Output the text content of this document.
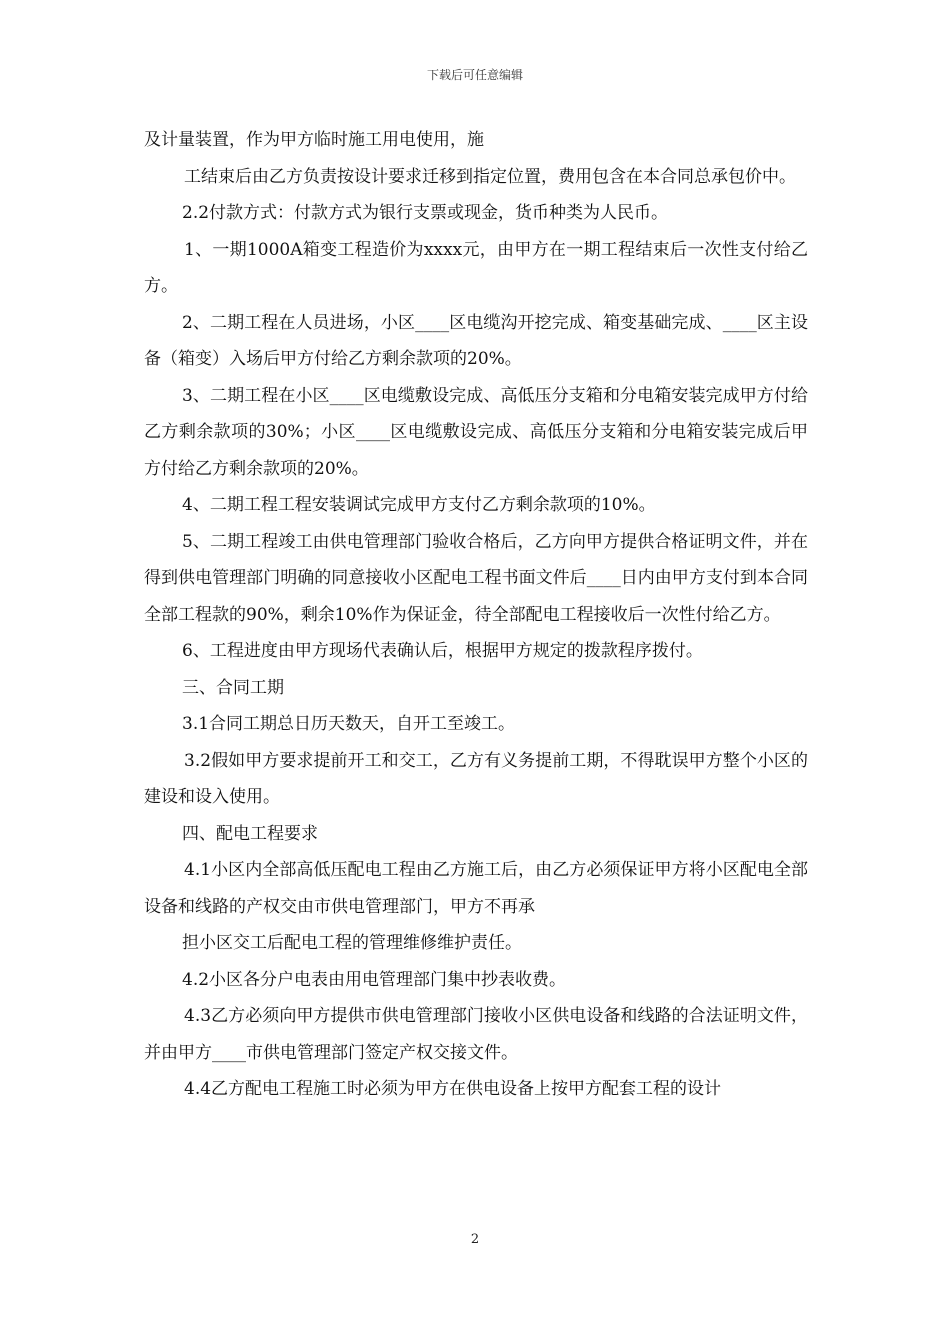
下载后可任意编辑

及计量装置，作为甲方临时施工用电使用，施

工结束后由乙方负责按设计要求迁移到指定位置，费用包含在本合同总承包价中。

2.2付款方式：付款方式为银行支票或现金，货币种类为人民币。

1、一期1000A箱变工程造价为xxxx元，由甲方在一期工程结束后一次性支付给乙方。

2、二期工程在人员进场，小区____区电缆沟开挖完成、箱变基础完成、____区主设备（箱变）入场后甲方付给乙方剩余款项的20%。

3、二期工程在小区____区电缆敷设完成、高低压分支箱和分电箱安装完成甲方付给乙方剩余款项的30%；小区____区电缆敷设完成、高低压分支箱和分电箱安装完成后甲方付给乙方剩余款项的20%。

4、二期工程工程安装调试完成甲方支付乙方剩余款项的10%。

5、二期工程竣工由供电管理部门验收合格后，乙方向甲方提供合格证明文件，并在得到供电管理部门明确的同意接收小区配电工程书面文件后____日内由甲方支付到本合同全部工程款的90%，剩余10%作为保证金，待全部配电工程接收后一次性付给乙方。

6、工程进度由甲方现场代表确认后，根据甲方规定的拨款程序拨付。

三、合同工期

3.1合同工期总日历天数天，自开工至竣工。

3.2假如甲方要求提前开工和交工，乙方有义务提前工期，不得耽误甲方整个小区的建设和设入使用。

四、配电工程要求

4.1小区内全部高低压配电工程由乙方施工后，由乙方必须保证甲方将小区配电全部设备和线路的产权交由市供电管理部门，甲方不再承

担小区交工后配电工程的管理维修维护责任。

4.2小区各分户电表由用电管理部门集中抄表收费。

4.3乙方必须向甲方提供市供电管理部门接收小区供电设备和线路的合法证明文件，并由甲方____市供电管理部门签定产权交接文件。

4.4乙方配电工程施工时必须为甲方在供电设备上按甲方配套工程的设计

2
